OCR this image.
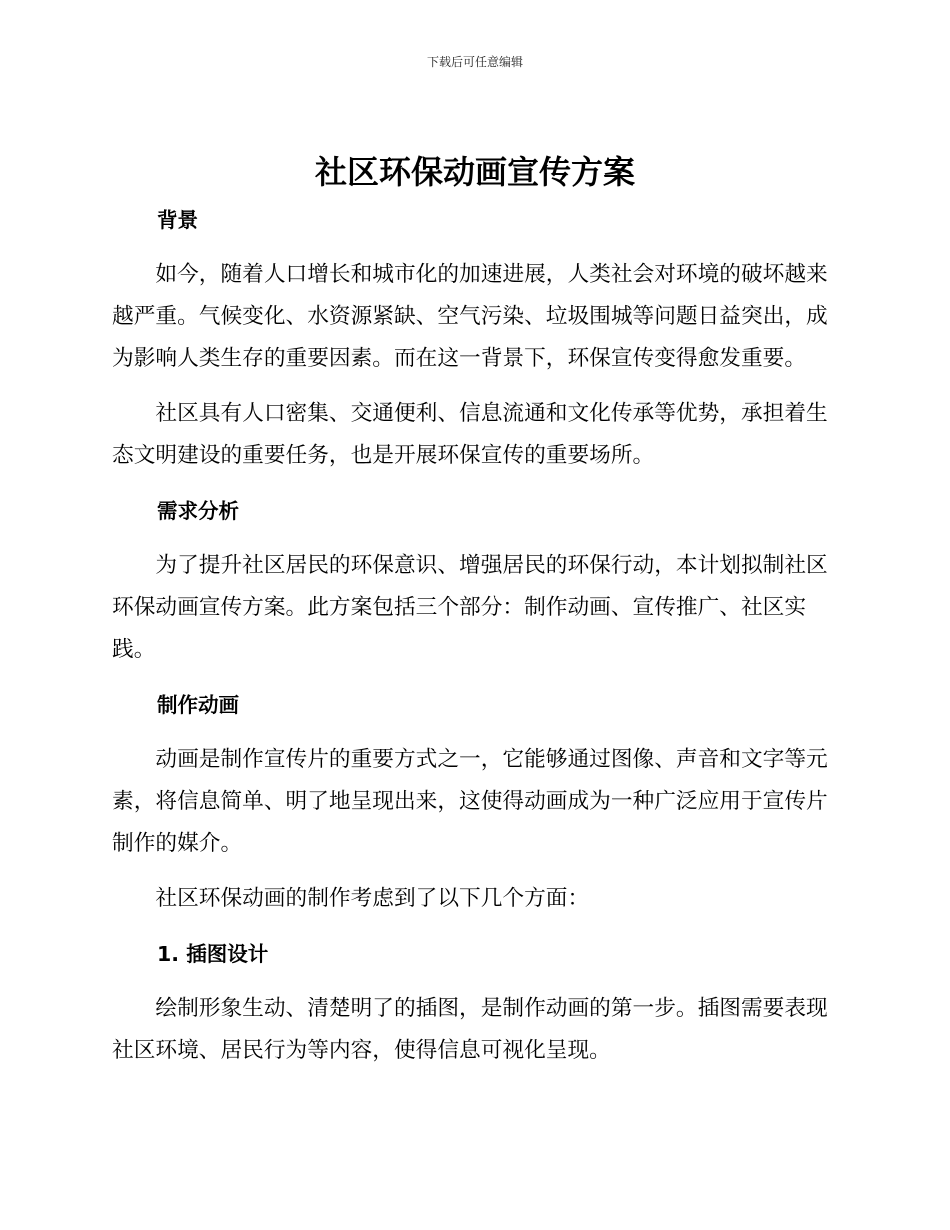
下载后可任意编辑
社区环保动画宣传方案
背景

如今，随着人口增长和城市化的加速进展，人类社会对环境的破坏越来越严重。气候变化、水资源紧缺、空气污染、垃圾围城等问题日益突出，成为影响人类生存的重要因素。而在这一背景下，环保宣传变得愈发重要。

社区具有人口密集、交通便利、信息流通和文化传承等优势，承担着生态文明建设的重要任务，也是开展环保宣传的重要场所。

需求分析

为了提升社区居民的环保意识、增强居民的环保行动，本计划拟制社区环保动画宣传方案。此方案包括三个部分：制作动画、宣传推广、社区实践。

制作动画

动画是制作宣传片的重要方式之一，它能够通过图像、声音和文字等元素，将信息简单、明了地呈现出来，这使得动画成为一种广泛应用于宣传片制作的媒介。

社区环保动画的制作考虑到了以下几个方面：

1. 插图设计

绘制形象生动、清楚明了的插图，是制作动画的第一步。插图需要表现社区环境、居民行为等内容，使得信息可视化呈现。
